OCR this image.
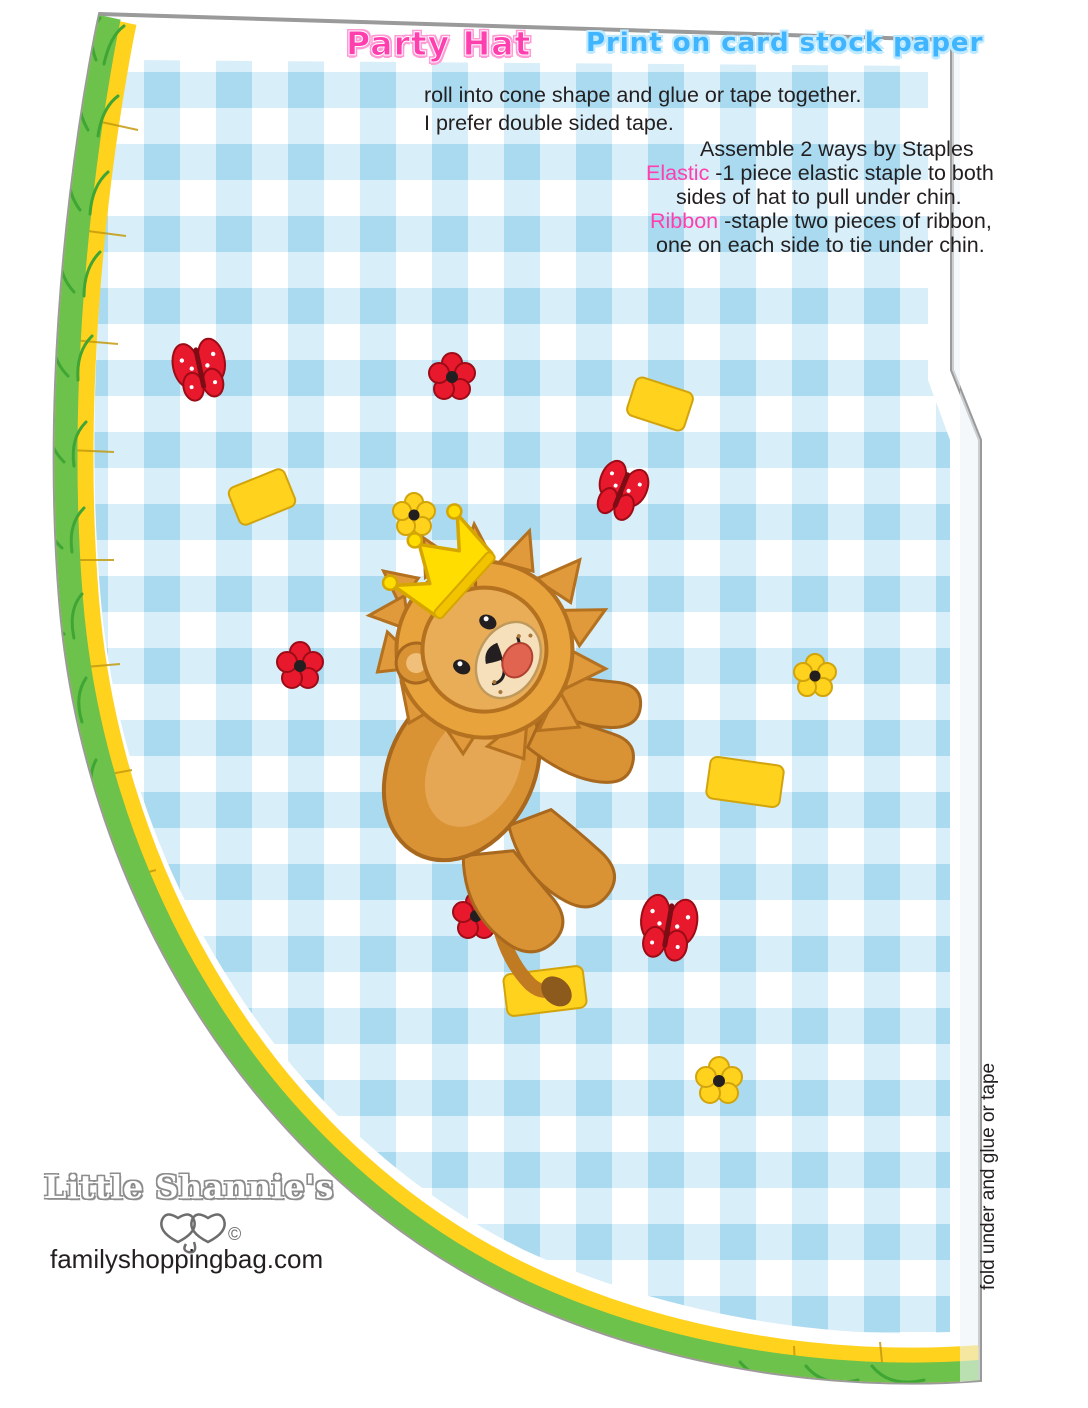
Party Hat	Print on card stock paper
roll into cone shape and glue or tape together.
I prefer double sided tape.
Assemble 2 ways by Staples
Elastic -1 piece elastic staple to both
sides of hat to pull under chin.
Ribbon -staple two pieces of ribbon,
one on each side to tie under chin.
fold under and glue or tape
Little Shannie's
©
familyshoppingbag.com
